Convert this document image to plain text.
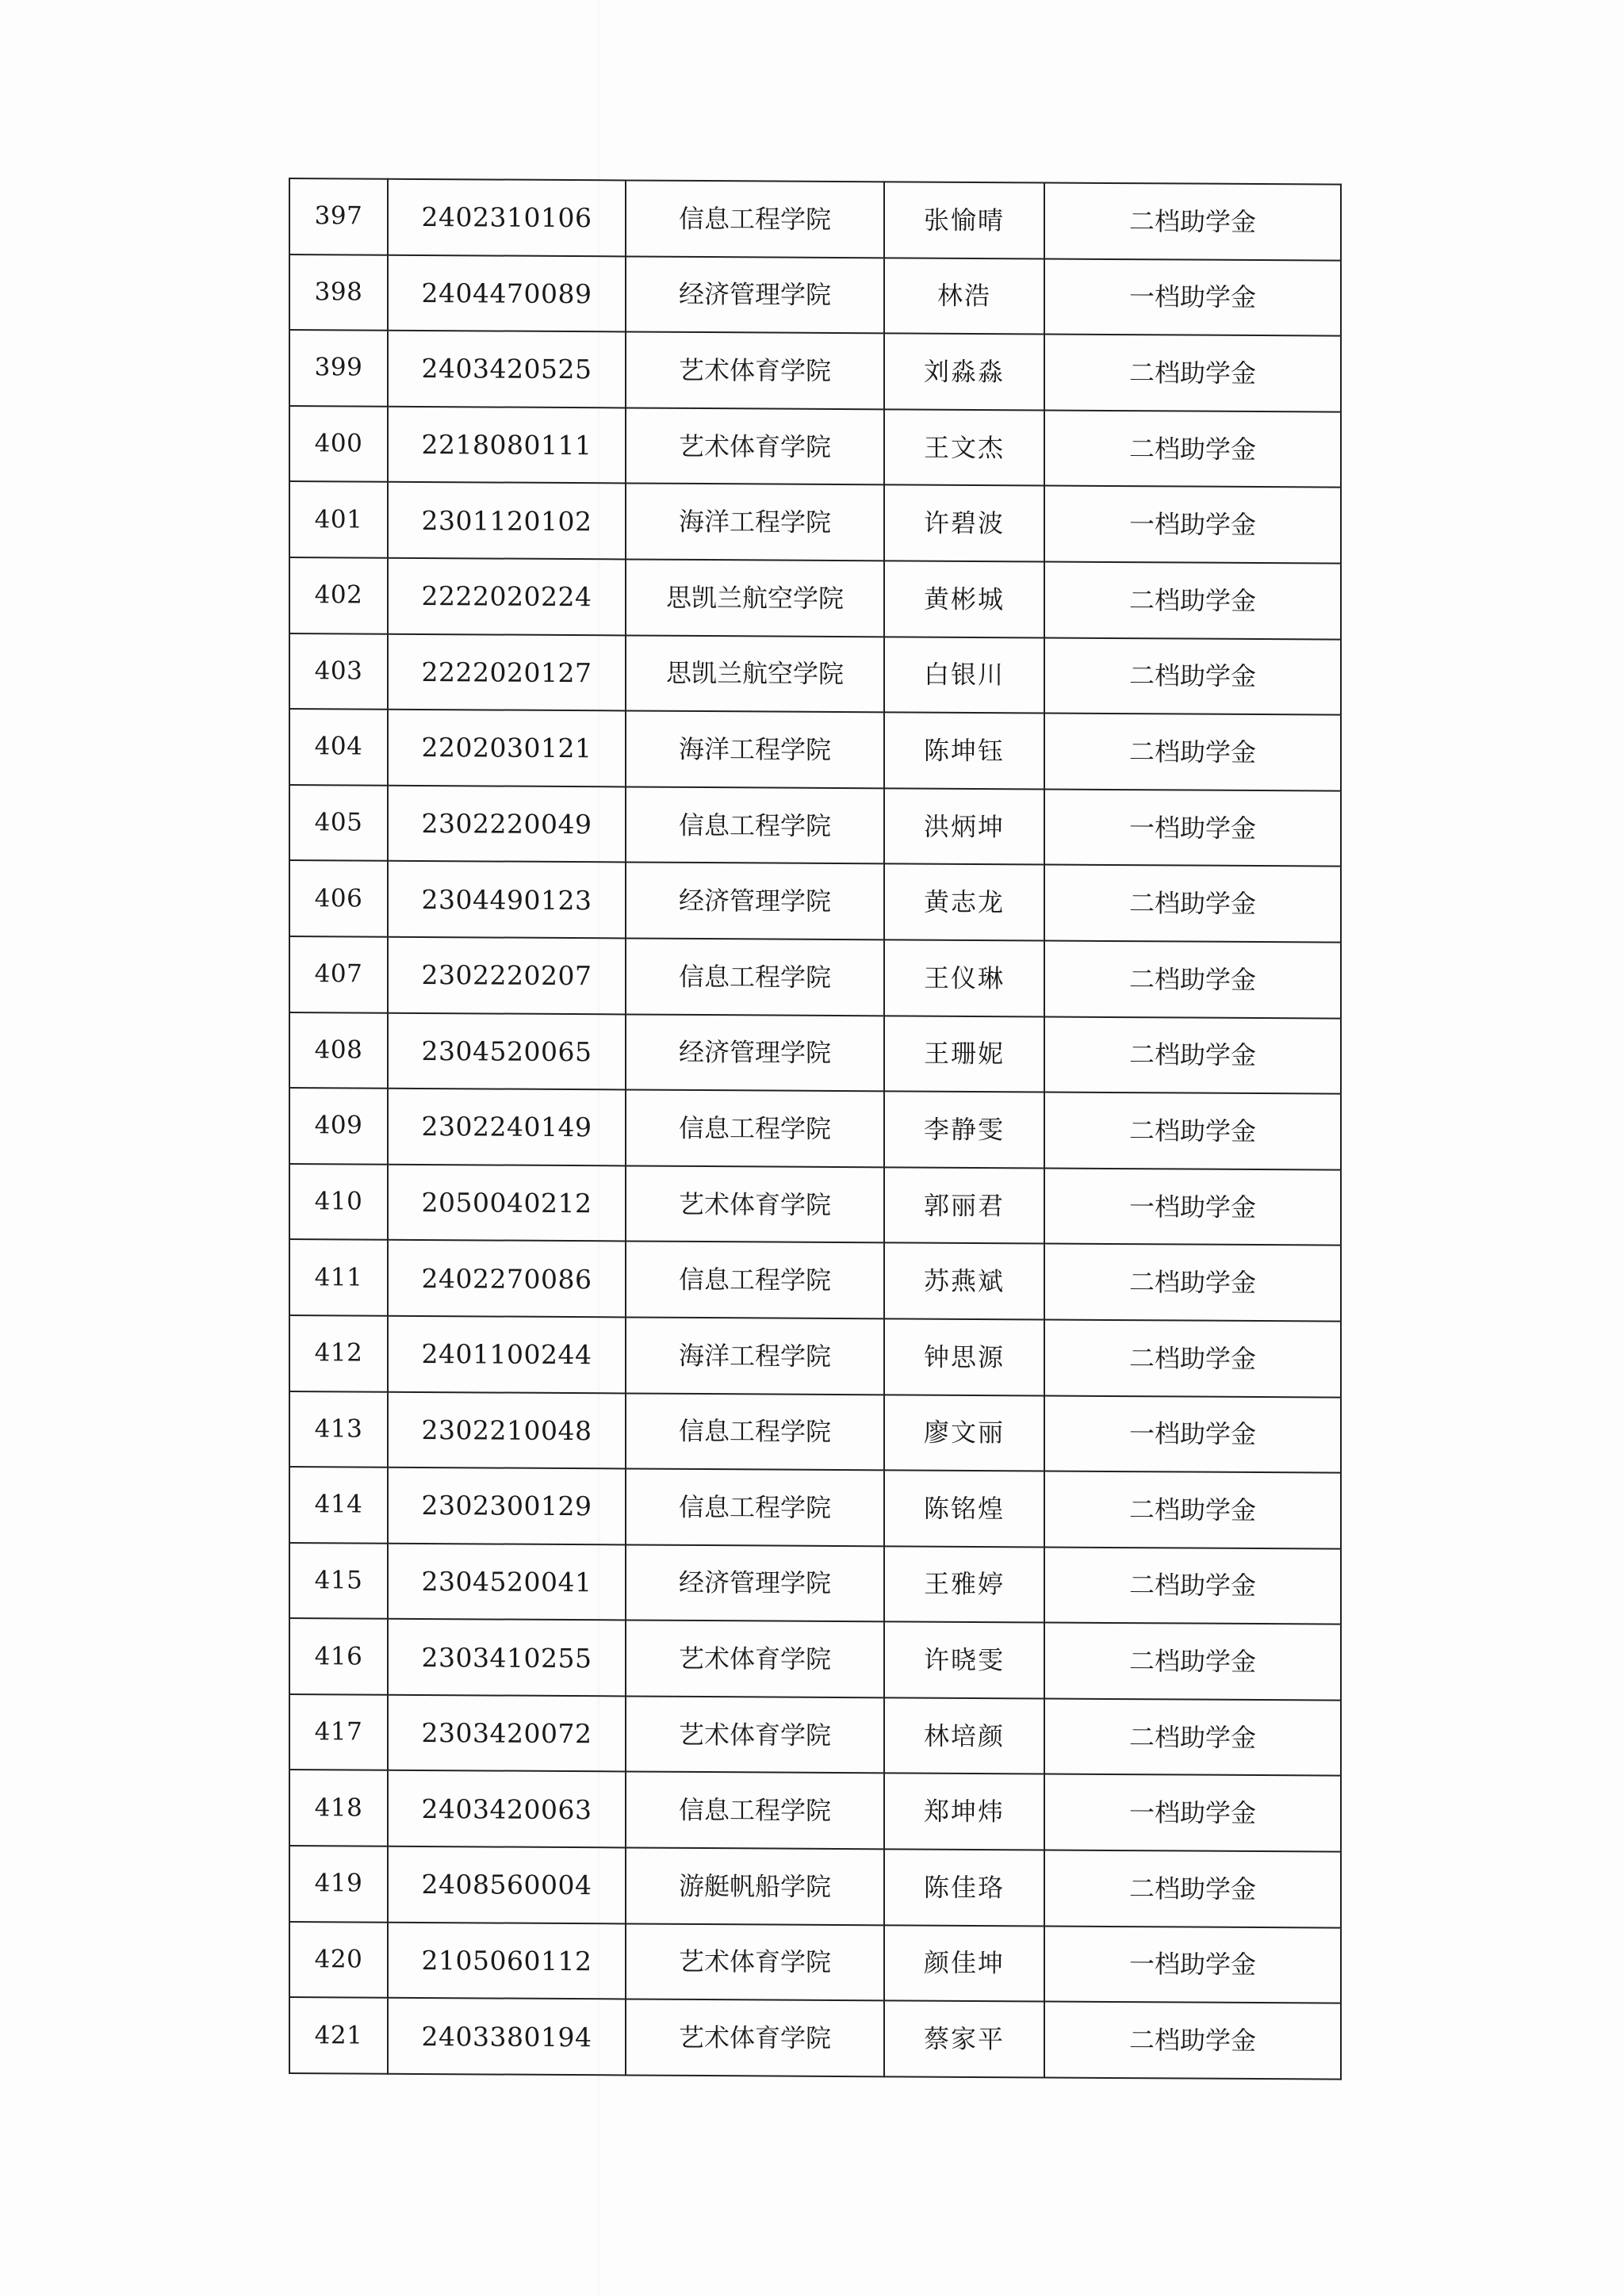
397	2402310106	信息工程学院	张愉晴	二档助学金
398	2404470089	经济管理学院	林浩	一档助学金
399	2403420525	艺术体育学院	刘淼淼	二档助学金
400	2218080111	艺术体育学院	王文杰	二档助学金
401	2301120102	海洋工程学院	许碧波	一档助学金
402	2222020224	思凯兰航空学院	黄彬城	二档助学金
403	2222020127	思凯兰航空学院	白银川	二档助学金
404	2202030121	海洋工程学院	陈坤钰	二档助学金
405	2302220049	信息工程学院	洪炳坤	一档助学金
406	2304490123	经济管理学院	黄志龙	二档助学金
407	2302220207	信息工程学院	王仪琳	二档助学金
408	2304520065	经济管理学院	王珊妮	二档助学金
409	2302240149	信息工程学院	李静雯	二档助学金
410	2050040212	艺术体育学院	郭丽君	一档助学金
411	2402270086	信息工程学院	苏燕斌	二档助学金
412	2401100244	海洋工程学院	钟思源	二档助学金
413	2302210048	信息工程学院	廖文丽	一档助学金
414	2302300129	信息工程学院	陈铭煌	二档助学金
415	2304520041	经济管理学院	王雅婷	二档助学金
416	2303410255	艺术体育学院	许晓雯	二档助学金
417	2303420072	艺术体育学院	林培颜	二档助学金
418	2403420063	信息工程学院	郑坤炜	一档助学金
419	2408560004	游艇帆船学院	陈佳珞	二档助学金
420	2105060112	艺术体育学院	颜佳坤	一档助学金
421	2403380194	艺术体育学院	蔡家平	二档助学金
